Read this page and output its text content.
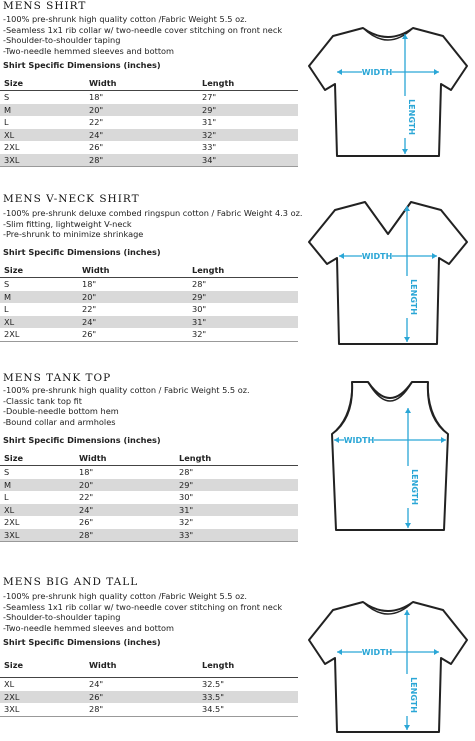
MENS SHIRT
-100% pre-shrunk high quality cotton /Fabric Weight 5.5 oz.
-Seamless 1x1 rib collar w/ two-needle cover stitching on front neck
-Shoulder-to-shoulder taping
-Two-needle hemmed sleeves and bottom
Shirt Specific Dimensions (inches)
Size	Width	Length
S	18"	27"
M	20"	29"
L	22"	31"
XL	24"	32"
2XL	26"	33"
3XL	28"	34"
WIDTH
LENGTH
MENS V-NECK SHIRT
-100% pre-shrunk deluxe combed ringspun cotton / Fabric Weight 4.3 oz.
-Slim fitting, lightweight V-neck
-Pre-shrunk to minimize shrinkage
Shirt Specific Dimensions (inches)
Size	Width	Length
S	18"	28"
M	20"	29"
L	22"	30"
XL	24"	31"
2XL	26"	32"
WIDTH
LENGTH
MENS TANK TOP
-100% pre-shrunk high quality cotton / Fabric Weight 5.5 oz.
-Classic tank top fit
-Double-needle bottom hem
-Bound collar and armholes
Shirt Specific Dimensions (inches)
Size	Width	Length
S	18"	28"
M	20"	29"
L	22"	30"
XL	24"	31"
2XL	26"	32"
3XL	28"	33"
WIDTH
LENGTH
MENS BIG AND TALL
-100% pre-shrunk high quality cotton /Fabric Weight 5.5 oz.
-Seamless 1x1 rib collar w/ two-needle cover stitching on front neck
-Shoulder-to-shoulder taping
-Two-needle hemmed sleeves and bottom
Shirt Specific Dimensions (inches)
Size	Width	Length
XL	24"	32.5"
2XL	26"	33.5"
3XL	28"	34.5"
WIDTH
LENGTH
